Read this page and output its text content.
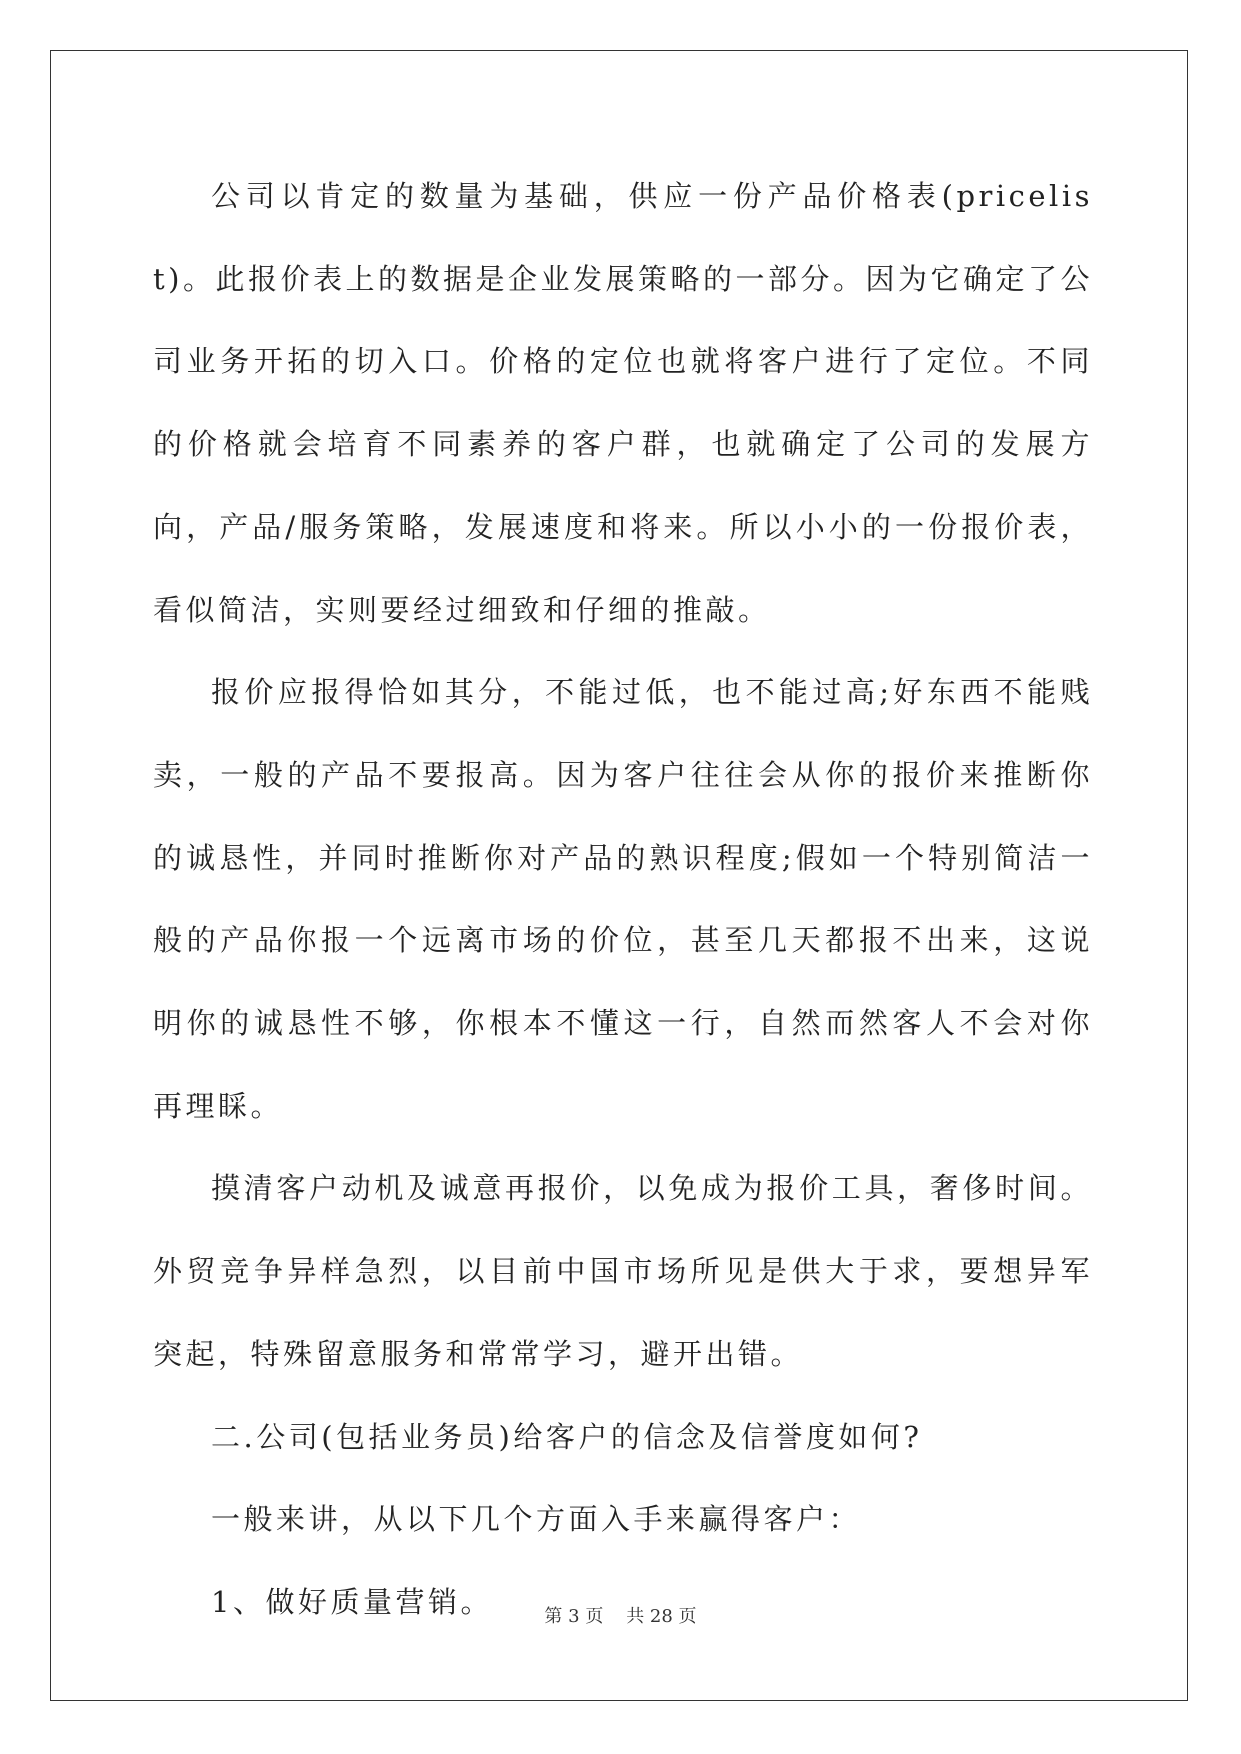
公司以肯定的数量为基础，供应一份产品价格表(pricelist)。此报价表上的数据是企业发展策略的一部分。因为它确定了公司业务开拓的切入口。价格的定位也就将客户进行了定位。不同的价格就会培育不同素养的客户群，也就确定了公司的发展方向，产品/服务策略，发展速度和将来。所以小小的一份报价表，看似简洁，实则要经过细致和仔细的推敲。

报价应报得恰如其分，不能过低，也不能过高;好东西不能贱卖，一般的产品不要报高。因为客户往往会从你的报价来推断你的诚恳性，并同时推断你对产品的熟识程度;假如一个特别简洁一般的产品你报一个远离市场的价位，甚至几天都报不出来，这说明你的诚恳性不够，你根本不懂这一行，自然而然客人不会对你再理睬。

摸清客户动机及诚意再报价，以免成为报价工具，奢侈时间。外贸竞争异样急烈，以目前中国市场所见是供大于求，要想异军突起，特殊留意服务和常常学习，避开出错。

二.公司(包括业务员)给客户的信念及信誉度如何?

一般来讲，从以下几个方面入手来赢得客户：

1、做好质量营销。	第 3 页    共 28 页
